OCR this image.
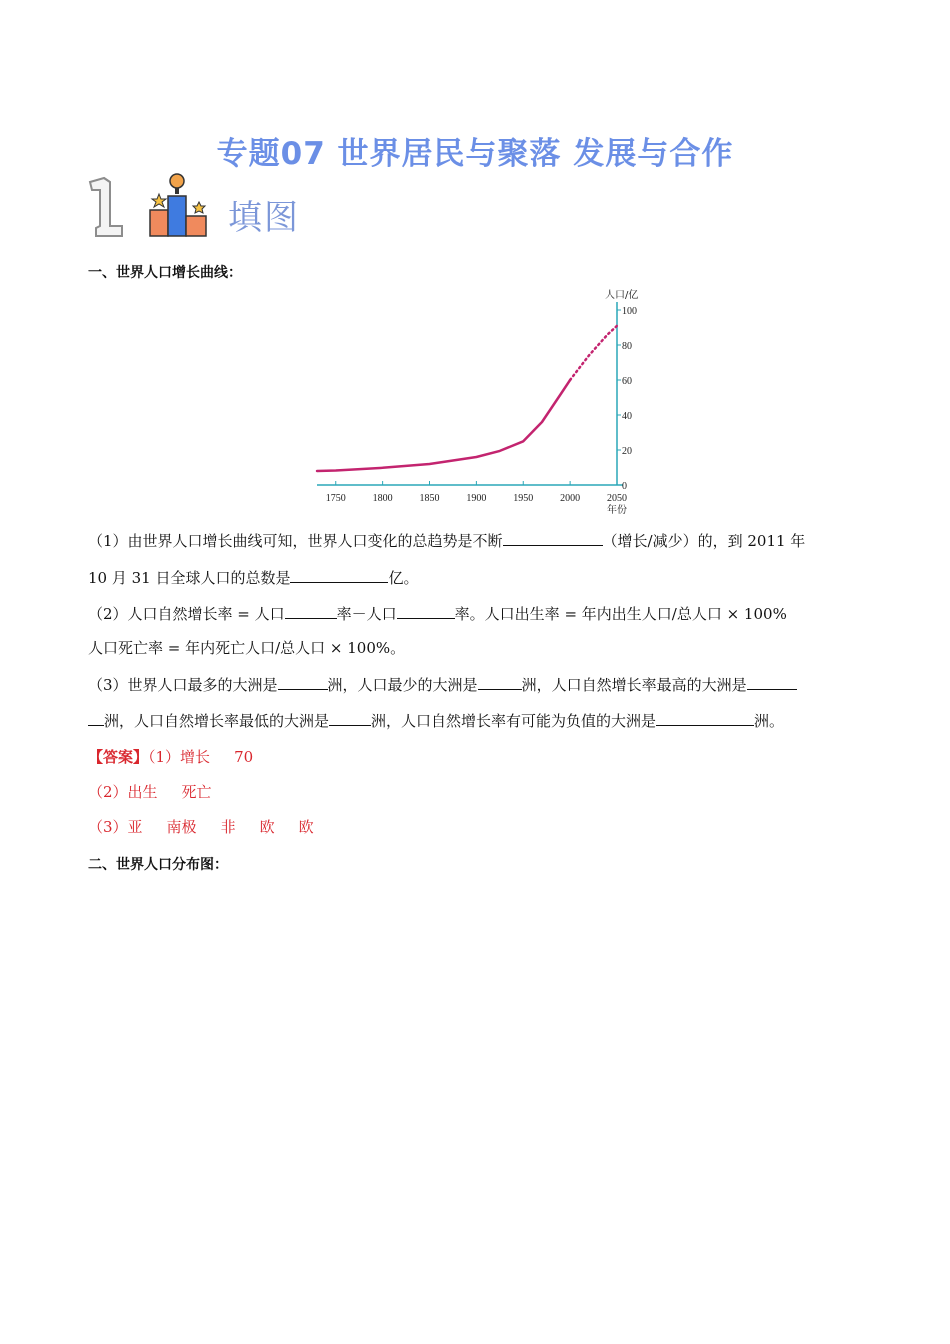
专题07 世界居民与聚落 发展与合作
填图
一、世界人口增长曲线：
1750	1800	1850	1900	1950	2000	2050
0
20
40
60
80
100
人口/亿
年份
（1）由世界人口增长曲线可知，世界人口变化的总趋势是不断	（增长/减少）的，到 2011 年
10 月 31 日全球人口的总数是	亿。
（2）人口自然增长率 = 人口	率－人口	率。人口出生率 = 年内出生人口/总人口 × 100%
人口死亡率 = 年内死亡人口/总人口 × 100%。
（3）世界人口最多的大洲是	洲，人口最少的大洲是	洲，人口自然增长率最高的大洲是
洲，人口自然增长率最低的大洲是	洲，人口自然增长率有可能为负值的大洲是	洲。
【答案】（1）增长 70
（2）出生 死亡
（3）亚 南极 非 欧 欧
二、世界人口分布图：
